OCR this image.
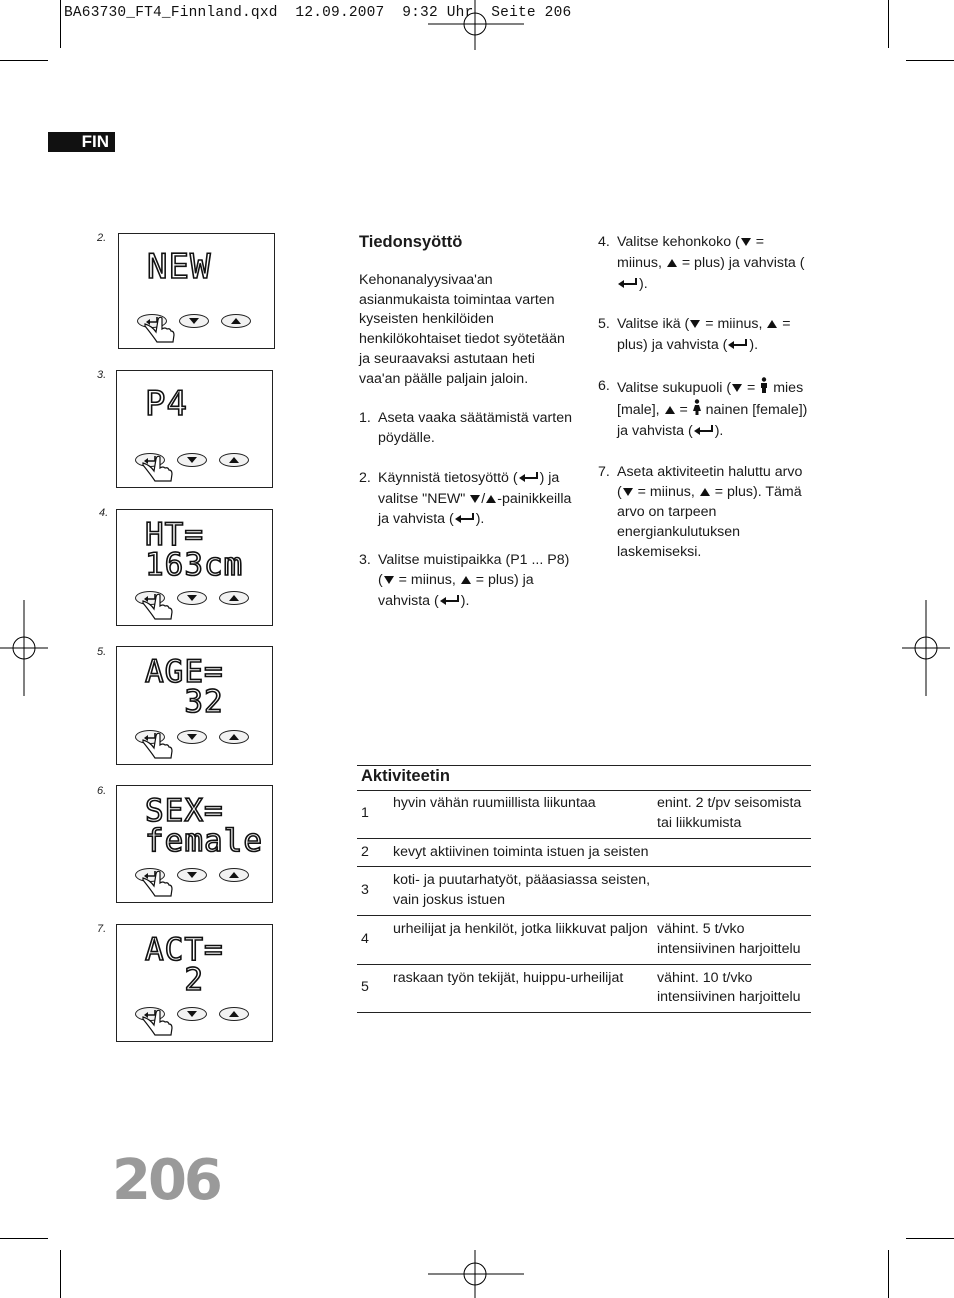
BA63730_FT4_Finnland.qxd  12.09.2007  9:32 Uhr  Seite 206
FIN
2.
NEW
3.
P4
4.
HT=
163cm
5.
AGE=
32
6.
SEX=
female
7.
ACT=
2
Tiedonsyöttö

Kehonanalyysivaa'an asianmukaista toimintaa varten kyseisten henkilöiden henkilökohtaiset tiedot syötetään ja seuraavaksi astutaan heti vaa'an päälle paljain jaloin.

1. Aseta vaaka säätämistä varten pöydälle.
2. Käynnistä tietosyöttö ( ) ja valitse "NEW" / -painikkeilla ja vahvista ( ).
3. Valitse muistipaikka (P1 ... P8) ( = miinus,  = plus) ja vahvista ( ).
4. Valitse kehonkoko ( = miinus,  = plus) ja vahvista ().
5. Valitse ikä ( = miinus,  = plus) ja vahvista ( ).
6. Valitse sukupuoli ( =  mies [male],  =  nainen [female]) ja vahvista ( ).
7. Aseta aktiviteetin haluttu arvo ( = miinus,  = plus). Tämä arvo on tarpeen energiankulutuksen laskemiseksi.
Aktiviteetin
1	hyvin vähän ruumiillista liikuntaa	enint. 2 t/pv seisomista tai liikkumista
2	kevyt aktiivinen toiminta istuen ja seisten	
3	koti- ja puutarhatyöt, pääasiassa seisten, vain joskus istuen	
4	urheilijat ja henkilöt, jotka liikkuvat paljon	vähint. 5 t/vko intensiivinen harjoittelu
5	raskaan työn tekijät, huippu-urheilijat	vähint. 10 t/vko intensiivinen harjoittelu
206
